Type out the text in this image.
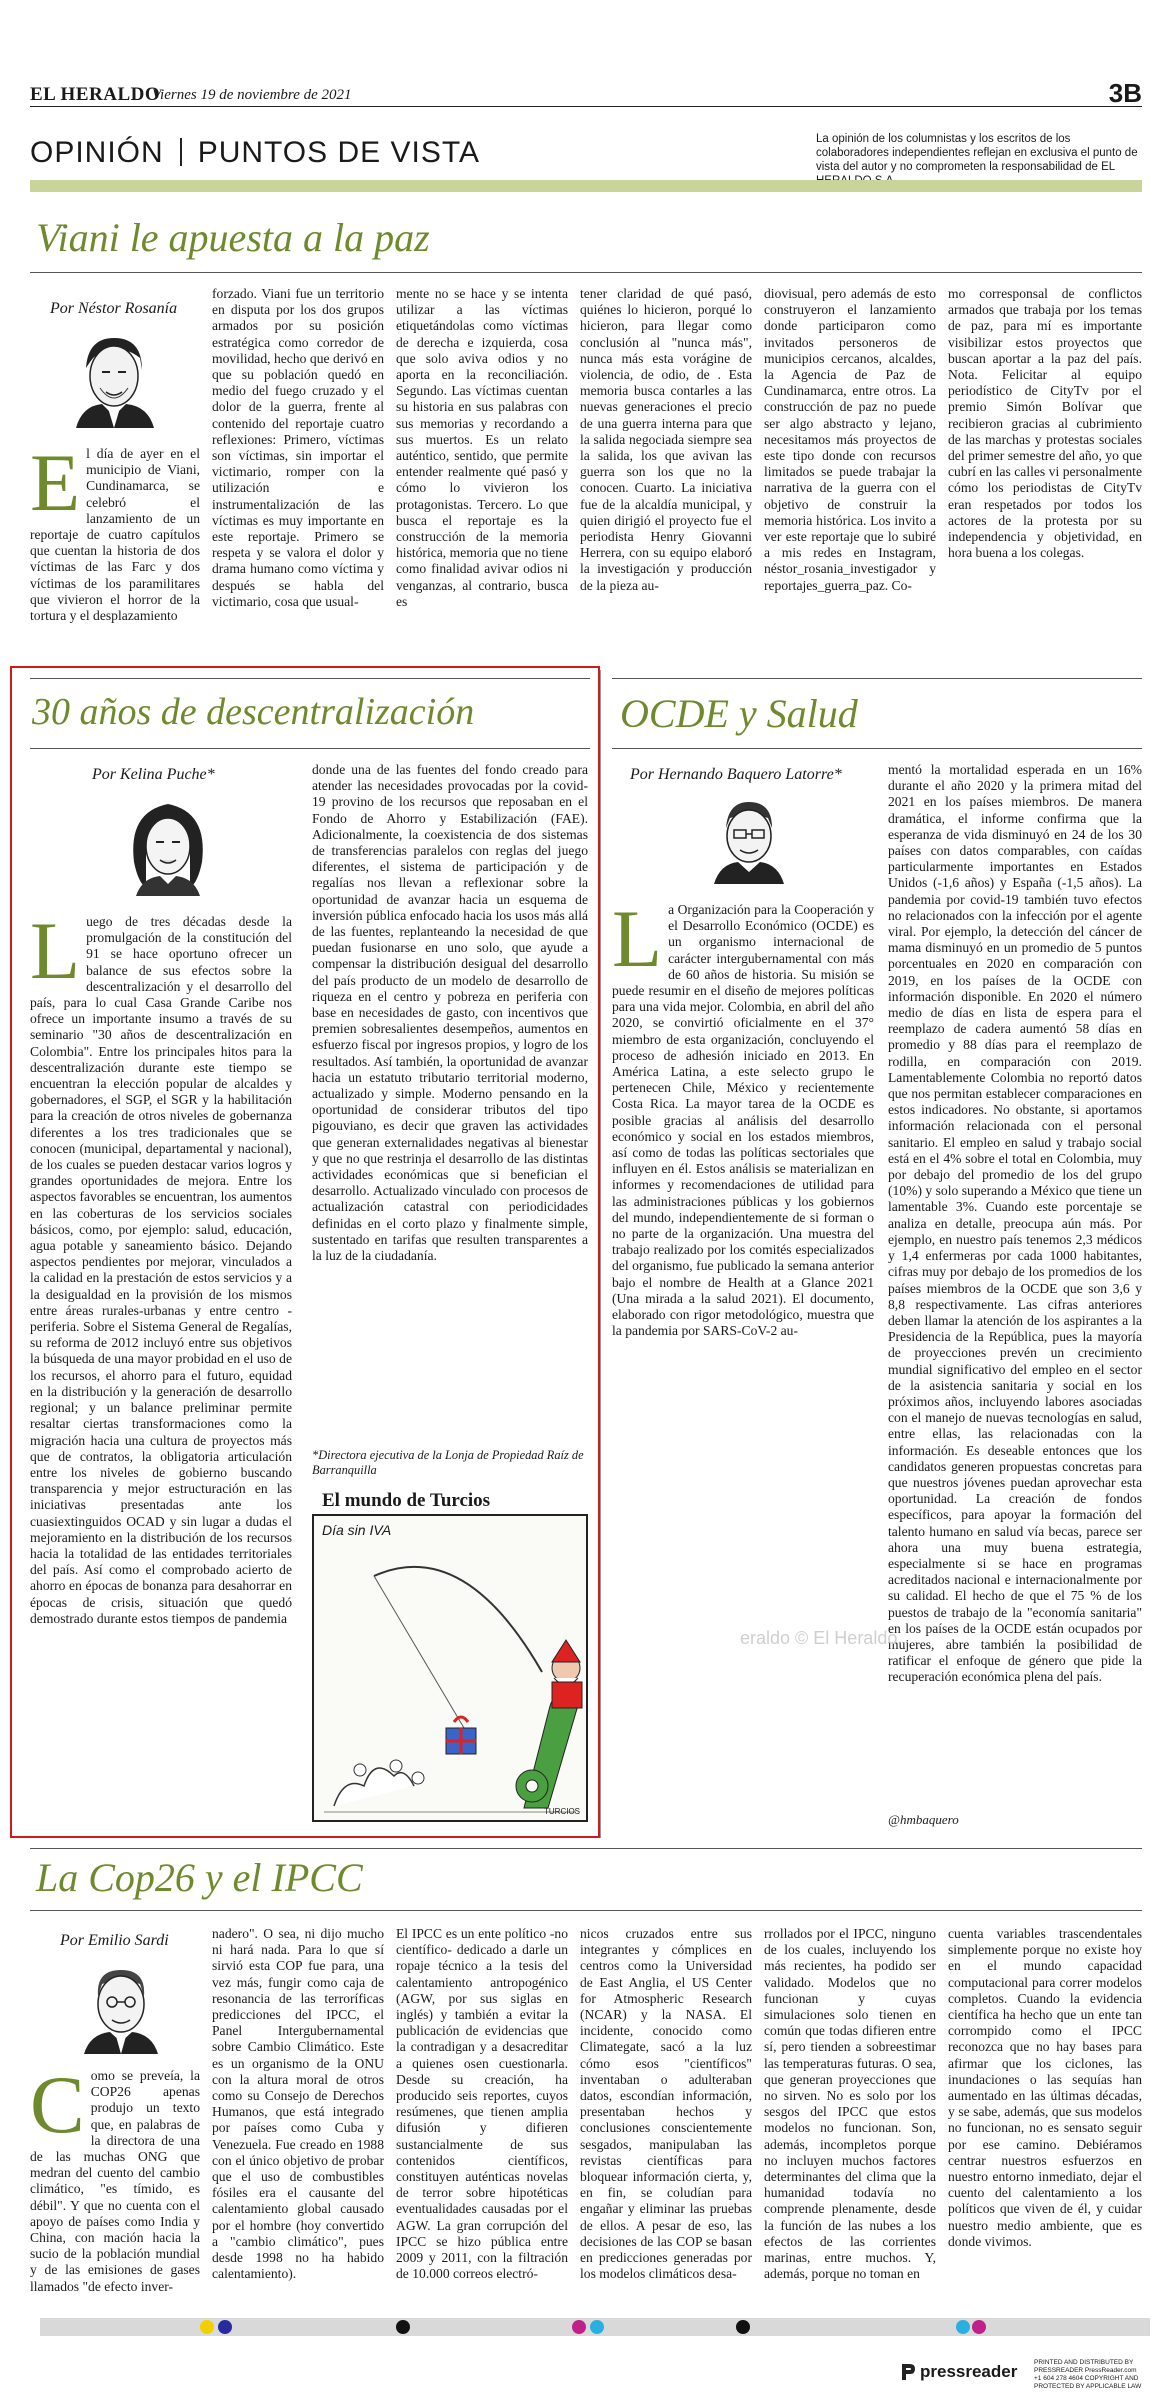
EL HERALDO
Viernes 19 de noviembre de 2021	3B
OPINIÓN PUNTOS DE VISTA	La opinión de los columnistas y los escritos de los colaboradores independientes reflejan en exclusiva el punto de vista del autor y no comprometen la responsabilidad de EL
Viani le apuesta a la paz
Por Néstor Rosanía
El día de ayer en el municipio de Viani, Cundinamarca, se celebró el lanzamiento de un reportaje de cuatro capítulos que cuentan la historia de dos víctimas de las Farc y dos víctimas de los paramilitares que vivieron el horror de la tortura y el desplazamiento
forzado. Viani fue un territorio en disputa por los dos grupos armados por su posición estratégica como corredor de movilidad, hecho que derivó en que su población quedó en medio del fuego cruzado y el dolor de la guerra, frente al contenido del reportaje cuatro reflexiones: Primero, víctimas son víctimas, sin importar el victimario, romper con la utilización e instrumentalización de las víctimas es muy importante en este reportaje. Primero se respeta y se valora el dolor y drama humano como víctima y después se habla del victimario, cosa que usual-
mente no se hace y se intenta utilizar a las víctimas etiquetándolas como víctimas de derecha e izquierda, cosa que solo aviva odios y no aporta en la reconciliación. Segundo. Las víctimas cuentan su historia en sus palabras con sus memorias y recordando a sus muertos. Es un relato auténtico, sentido, que permite entender realmente qué pasó y cómo lo vivieron los protagonistas. Tercero. Lo que busca el reportaje es la construcción de la memoria histórica, memoria que no tiene como finalidad avivar odios ni venganzas, al contrario, busca es
tener claridad de qué pasó, quiénes lo hicieron, porqué lo hicieron, para llegar como conclusión al "nunca más", nunca más esta vorágine de violencia, de odio, de . Esta memoria busca contarles a las nuevas generaciones el precio de una guerra interna para que la salida negociada siempre sea la salida, los que avivan las guerra son los que no la conocen. Cuarto. La iniciativa fue de la alcaldía municipal, y quien dirigió el proyecto fue el periodista Henry Giovanni Herrera, con su equipo elaboró la investigación y producción de la pieza au-
diovisual, pero además de esto construyeron el lanzamiento donde participaron como invitados personeros de municipios cercanos, alcaldes, la Agencia de Paz de Cundinamarca, entre otros. La construcción de paz no puede ser algo abstracto y lejano, necesitamos más proyectos de este tipo donde con recursos limitados se puede trabajar la narrativa de la guerra con el objetivo de construir la memoria histórica. Los invito a ver este reportaje que lo subiré a mis redes en Instagram, néstor_rosania_investigador y reportajes_guerra_paz. Co-
mo corresponsal de conflictos armados que trabaja por los temas de paz, para mí es importante visibilizar estos proyectos que buscan aportar a la paz del país. Nota. Felicitar al equipo periodístico de CityTv por el premio Simón Bolívar que recibieron gracias al cubrimiento de las marchas y protestas sociales del primer semestre del año, yo que cubrí en las calles vi personalmente cómo los periodistas de CityTv eran respetados por todos los actores de la protesta por su independencia y objetividad, en hora buena a los colegas.
30 años de descentralización
Por Kelina Puche*
Luego de tres décadas desde la promulgación de la constitución del 91 se hace oportuno ofrecer un balance de sus efectos sobre la descentralización y el desarrollo del país, para lo cual Casa Grande Caribe nos ofrece un importante insumo a través de su seminario "30 años de descentralización en Colombia". Entre los principales hitos para la descentralización durante este tiempo se encuentran la elección popular de alcaldes y gobernadores, el SGP, el SGR y la habilitación para la creación de otros niveles de gobernanza diferentes a los tres tradicionales que se conocen (municipal, departamental y nacional), de los cuales se pueden destacar varios logros y grandes oportunidades de mejora. Entre los aspectos favorables se encuentran, los aumentos en las coberturas de los servicios sociales básicos, como, por ejemplo: salud, educación, agua potable y saneamiento básico. Dejando aspectos pendientes por mejorar, vinculados a la calidad en la prestación de estos servicios y a la desigualdad en la provisión de los mismos entre áreas rurales-urbanas y entre centro - periferia. Sobre el Sistema General de Regalías, su reforma de 2012 incluyó entre sus objetivos la búsqueda de una mayor probidad en el uso de los recursos, el ahorro para el futuro, equidad en la distribución y la generación de desarrollo regional; y un balance preliminar permite resaltar ciertas transformaciones como la migración hacia una cultura de proyectos más que de contratos, la obligatoria articulación entre los niveles de gobierno buscando transparencia y mejor estructuración en las iniciativas presentadas ante los cuasiextinguidos OCAD y sin lugar a dudas el mejoramiento en la distribución de los recursos hacia la totalidad de las entidades territoriales del país. Así como el comprobado acierto de ahorro en épocas de bonanza para desahorrar en épocas de crisis, situación que quedó demostrado durante estos tiempos de pandemia
donde una de las fuentes del fondo creado para atender las necesidades provocadas por la covid-19 provino de los recursos que reposaban en el Fondo de Ahorro y Estabilización (FAE). Adicionalmente, la coexistencia de dos sistemas de transferencias paralelos con reglas del juego diferentes, el sistema de participación y de regalías nos llevan a reflexionar sobre la oportunidad de avanzar hacia un esquema de inversión pública enfocado hacia los usos más allá de las fuentes, replanteando la necesidad de que puedan fusionarse en uno solo, que ayude a compensar la distribución desigual del desarrollo del país producto de un modelo de desarrollo de riqueza en el centro y pobreza en periferia con base en necesidades de gasto, con incentivos que premien sobresalientes desempeños, aumentos en esfuerzo fiscal por ingresos propios, y logro de los resultados. Así también, la oportunidad de avanzar hacia un estatuto tributario territorial moderno, actualizado y simple. Moderno pensando en la oportunidad de considerar tributos del tipo pigouviano, es decir que graven las actividades que generan externalidades negativas al bienestar y que no que restrinja el desarrollo de las distintas actividades económicas que si benefician el desarrollo. Actualizado vinculado con procesos de actualización catastral con periodicidades definidas en el corto plazo y finalmente simple, sustentado en tarifas que resulten transparentes a la luz de la ciudadanía.
*Directora ejecutiva de la Lonja de Propiedad Raíz de Barranquilla
El mundo de Turcios
Día sin IVA
TURCIOS
OCDE y Salud
Por Hernando Baquero Latorre*
La Organización para la Cooperación y el Desarrollo Económico (OCDE) es un organismo internacional de carácter intergubernamental con más de 60 años de historia. Su misión se puede resumir en el diseño de mejores políticas para una vida mejor. Colombia, en abril del año 2020, se convirtió oficialmente en el 37° miembro de esta organización, concluyendo el proceso de adhesión iniciado en 2013. En América Latina, a este selecto grupo le pertenecen Chile, México y recientemente Costa Rica. La mayor tarea de la OCDE es posible gracias al análisis del desarrollo económico y social en los estados miembros, así como de todas las políticas sectoriales que influyen en él. Estos análisis se materializan en informes y recomendaciones de utilidad para las administraciones públicas y los gobiernos del mundo, independientemente de si forman o no parte de la organización. Una muestra del trabajo realizado por los comités especializados del organismo, fue publicado la semana anterior bajo el nombre de Health at a Glance 2021 (Una mirada a la salud 2021). El documento, elaborado con rigor metodológico, muestra que la pandemia por SARS-CoV-2 au-
mentó la mortalidad esperada en un 16% durante el año 2020 y la primera mitad del 2021 en los países miembros. De manera dramática, el informe confirma que la esperanza de vida disminuyó en 24 de los 30 países con datos comparables, con caídas particularmente importantes en Estados Unidos (-1,6 años) y España (-1,5 años). La pandemia por covid-19 también tuvo efectos no relacionados con la infección por el agente viral. Por ejemplo, la detección del cáncer de mama disminuyó en un promedio de 5 puntos porcentuales en 2020 en comparación con 2019, en los países de la OCDE con información disponible. En 2020 el número medio de días en lista de espera para el reemplazo de cadera aumentó 58 días en promedio y 88 días para el reemplazo de rodilla, en comparación con 2019. Lamentablemente Colombia no reportó datos que nos permitan establecer comparaciones en estos indicadores. No obstante, si aportamos información relacionada con el personal sanitario. El empleo en salud y trabajo social está en el 4% sobre el total en Colombia, muy por debajo del promedio de los del grupo (10%) y solo superando a México que tiene un lamentable 3%. Cuando este porcentaje se analiza en detalle, preocupa aún más. Por ejemplo, en nuestro país tenemos 2,3 médicos y 1,4 enfermeras por cada 1000 habitantes, cifras muy por debajo de los promedios de los países miembros de la OCDE que son 3,6 y 8,8 respectivamente. Las cifras anteriores deben llamar la atención de los aspirantes a la Presidencia de la República, pues la mayoría de proyecciones prevén un crecimiento mundial significativo del empleo en el sector de la asistencia sanitaria y social en los próximos años, incluyendo labores asociadas con el manejo de nuevas tecnologías en salud, entre ellas, las relacionadas con la información. Es deseable entonces que los candidatos generen propuestas concretas para que nuestros jóvenes puedan aprovechar esta oportunidad. La creación de fondos específicos, para apoyar la formación del talento humano en salud vía becas, parece ser ahora una muy buena estrategia, especialmente si se hace en programas acreditados nacional e internacionalmente por su calidad. El hecho de que el 75 % de los puestos de trabajo de la "economía sanitaria" en los países de la OCDE están ocupados por mujeres, abre también la posibilidad de ratificar el enfoque de género que pide la recuperación económica plena del país.
@hmbaquero
eraldo © El Heraldo
La Cop26 y el IPCC
Por Emilio Sardi
Como se preveía, la COP26 apenas produjo un texto que, en palabras de la directora de una de las muchas ONG que medran del cuento del cambio climático, "es tímido, es débil". Y que no cuenta con el apoyo de países como India y China, con mación hacia la sucio de la población mundial y de las emisiones de gases llamados "de efecto inver-
nadero". O sea, ni dijo mucho ni hará nada. Para lo que sí sirvió esta COP fue para, una vez más, fungir como caja de resonancia de las terroríficas predicciones del IPCC, el Panel Intergubernamental sobre Cambio Climático. Este es un organismo de la ONU con la altura moral de otros como su Consejo de Derechos Humanos, que está integrado por países como Cuba y Venezuela. Fue creado en 1988 con el único objetivo de probar que el uso de combustibles fósiles era el causante del calentamiento global causado por el hombre (hoy convertido a "cambio climático", pues desde 1998 no ha habido calentamiento).
El IPCC es un ente político -no científico- dedicado a darle un ropaje técnico a la tesis del calentamiento antropogénico (AGW, por sus siglas en inglés) y también a evitar la publicación de evidencias que la contradigan y a desacreditar a quienes osen cuestionarla. Desde su creación, ha producido seis reportes, cuyos resúmenes, que tienen amplia difusión y difieren sustancialmente de sus contenidos científicos, constituyen auténticas novelas de terror sobre hipotéticas eventualidades causadas por el AGW. La gran corrupción del IPCC se hizo pública entre 2009 y 2011, con la filtración de 10.000 correos electró-
nicos cruzados entre sus integrantes y cómplices en centros como la Universidad de East Anglia, el US Center for Atmospheric Research (NCAR) y la NASA. El incidente, conocido como Climategate, sacó a la luz cómo esos "científicos" inventaban o adulteraban datos, escondían información, presentaban hechos y conclusiones conscientemente sesgados, manipulaban las revistas científicas para bloquear información cierta, y, en fin, se coludían para engañar y eliminar las pruebas de ellos. A pesar de eso, las decisiones de las COP se basan en predicciones generadas por los modelos climáticos desa-
rrollados por el IPCC, ninguno de los cuales, incluyendo los más recientes, ha podido ser validado. Modelos que no funcionan y cuyas simulaciones solo tienen en común que todas difieren entre sí, pero tienden a sobreestimar las temperaturas futuras. O sea, que generan proyecciones que no sirven. No es solo por los sesgos del IPCC que estos modelos no funcionan. Son, además, incompletos porque no incluyen muchos factores determinantes del clima que la humanidad todavía no comprende plenamente, desde la función de las nubes a los efectos de las corrientes marinas, entre muchos. Y, además, porque no toman en
cuenta variables trascendentales simplemente porque no existe hoy en el mundo capacidad computacional para correr modelos completos. Cuando la evidencia científica ha hecho que un ente tan corrompido como el IPCC reconozca que no hay bases para afirmar que los ciclones, las inundaciones o las sequías han aumentado en las últimas décadas, y se sabe, además, que sus modelos no funcionan, no es sensato seguir por ese camino. Debiéramos centrar nuestros esfuerzos en nuestro entorno inmediato, dejar el cuento del calentamiento a los políticos que viven de él, y cuidar nuestro medio ambiente, que es donde vivimos.
pressreader	PRINTED AND DISTRIBUTED BY PRESSREADER PressReader.com +1 604 278 4604 COPYRIGHT AND PROTECTED BY APPLICABLE LAW
